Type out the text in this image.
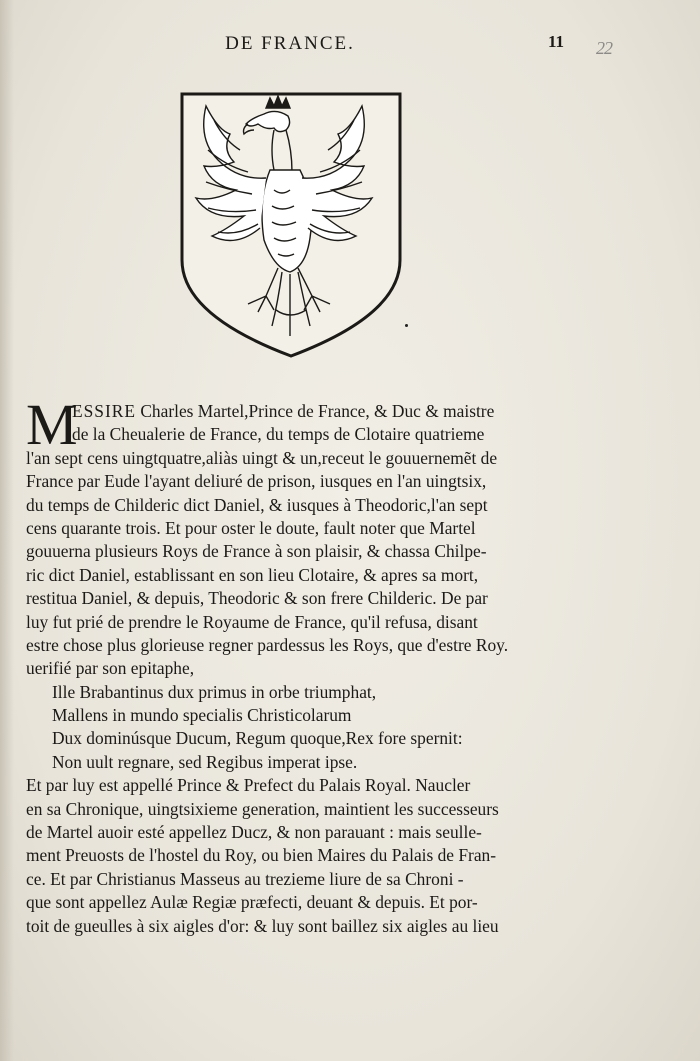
DE FRANCE.	11 22
M
ESSIRE Charles Martel,Prince de France, & Duc & maistre
de la Cheualerie de France, du temps de Clotaire quatrieme
l'an sept cens uingtquatre,aliàs uingt & un,receut le gouuernemẽt de
France par Eude l'ayant deliuré de prison, iusques en l'an uingtsix,
du temps de Childeric dict Daniel, & iusques à Theodoric,l'an sept
cens quarante trois. Et pour oster le doute, fault noter que Martel
gouuerna plusieurs Roys de France à son plaisir, & chassa Chilpe-
ric dict Daniel, establissant en son lieu Clotaire, & apres sa mort,
restitua Daniel, & depuis, Theodoric & son frere Childeric. De par
luy fut prié de prendre le Royaume de France, qu'il refusa, disant
estre chose plus glorieuse regner pardessus les Roys, que d'estre Roy.
uerifié par son epitaphe,
Ille Brabantinus dux primus in orbe triumphat,
Mallens in mundo specialis Christicolarum
Dux dominúsque Ducum, Regum quoque,Rex fore spernit:
Non uult regnare, sed Regibus imperat ipse.
Et par luy est appellé Prince & Prefect du Palais Royal. Naucler
en sa Chronique, uingtsixieme generation, maintient les successeurs
de Martel auoir esté appellez Ducz, & non parauant : mais seulle-
ment Preuosts de l'hostel du Roy, ou bien Maires du Palais de Fran-
ce. Et par Christianus Masseus au trezieme liure de sa Chroni -
que sont appellez Aulæ Regiæ præfecti, deuant & depuis. Et por-
toit de gueulles à six aigles d'or: & luy sont baillez six aigles au lieu
